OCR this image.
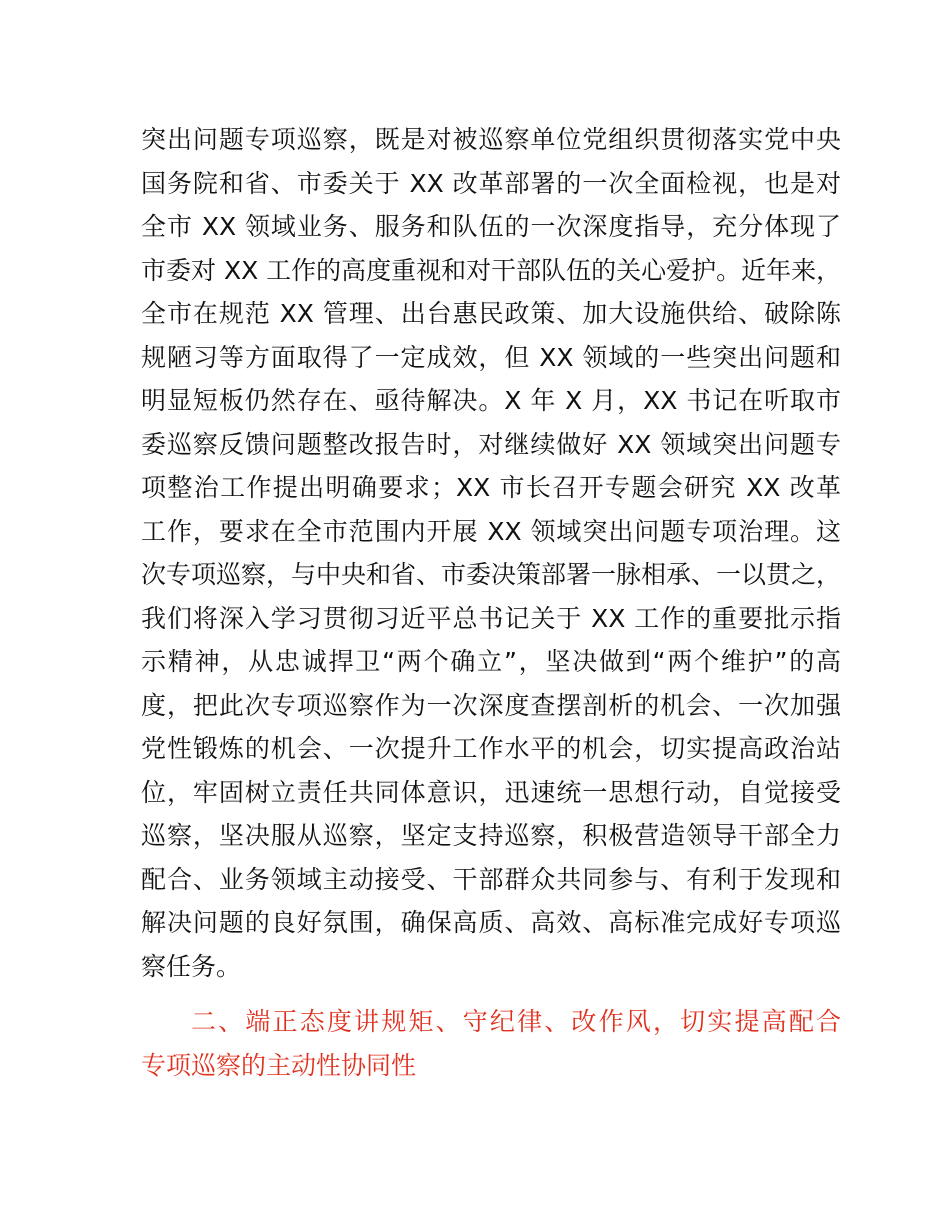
突出问题专项巡察，既是对被巡察单位党组织贯彻落实党中央
国务院和省、市委关于 XX 改革部署的一次全面检视，也是对
全市 XX 领域业务、服务和队伍的一次深度指导，充分体现了
市委对 XX 工作的高度重视和对干部队伍的关心爱护。近年来，
全市在规范 XX 管理、出台惠民政策、加大设施供给、破除陈
规陋习等方面取得了一定成效，但 XX 领域的一些突出问题和
明显短板仍然存在、亟待解决。X 年 X 月，XX 书记在听取市
委巡察反馈问题整改报告时，对继续做好 XX 领域突出问题专
项整治工作提出明确要求；XX 市长召开专题会研究 XX 改革
工作，要求在全市范围内开展 XX 领域突出问题专项治理。这
次专项巡察，与中央和省、市委决策部署一脉相承、一以贯之，
我们将深入学习贯彻习近平总书记关于 XX 工作的重要批示指
示精神，从忠诚捍卫“两个确立”，坚决做到“两个维护”的高
度，把此次专项巡察作为一次深度查摆剖析的机会、一次加强
党性锻炼的机会、一次提升工作水平的机会，切实提高政治站
位，牢固树立责任共同体意识，迅速统一思想行动，自觉接受
巡察，坚决服从巡察，坚定支持巡察，积极营造领导干部全力
配合、业务领域主动接受、干部群众共同参与、有利于发现和
解决问题的良好氛围，确保高质、高效、高标准完成好专项巡
察任务。
二、端正态度讲规矩、守纪律、改作风，切实提高配合
专项巡察的主动性协同性
